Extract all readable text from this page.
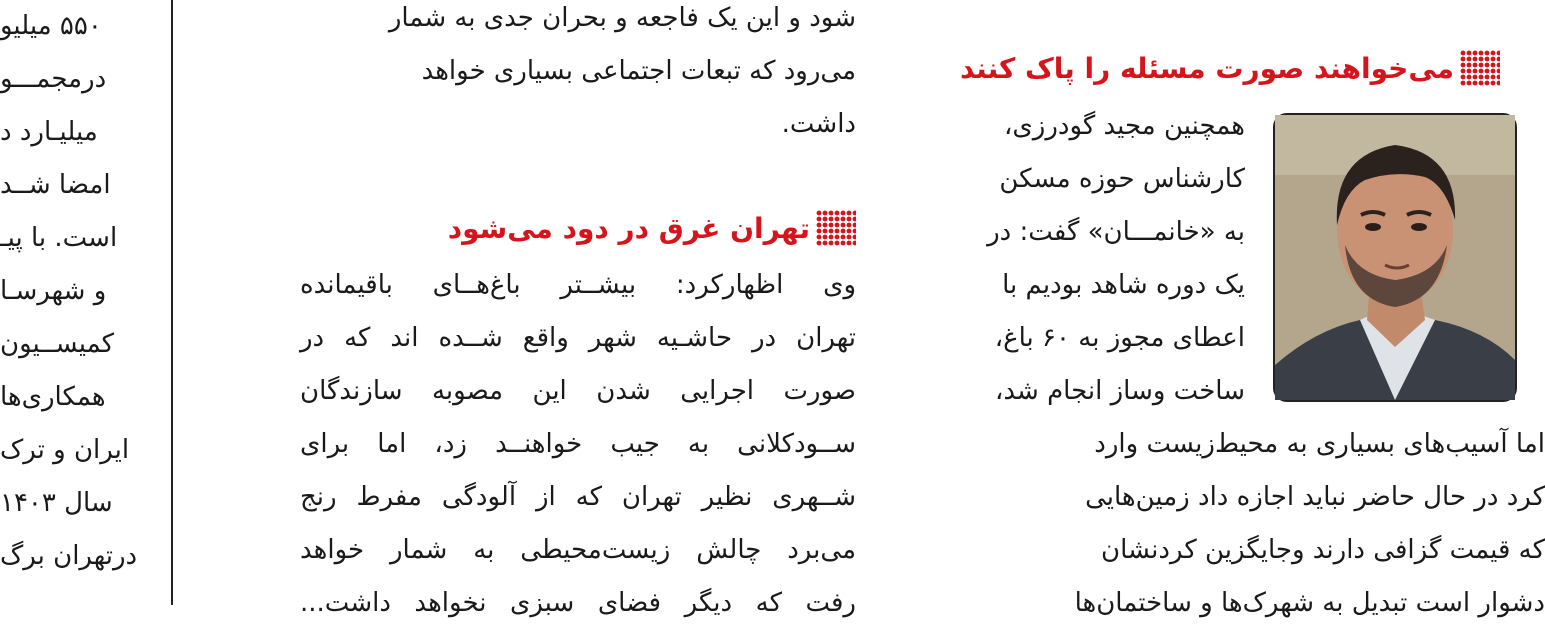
۵۵۰ میلیو
درمجمـــو
میلیـارد د
امضا شــد
است. با پیـ
و شهرسـا
کمیســیون
همکاری‌ها
ایران و ترک
سال ۱۴۰۳
درتهران برگ
شود و این یک فاجعه و بحران جدی به شمار
می‌رود که تبعات اجتماعی بسیاری خواهد
داشت.
تهران غرق در دود می‌شود
وی اظهارکرد: بیشــتر باغ‌هــای باقیمانده
تهران در حاشـیه شهر واقع شــده اند که در
صورت اجرایی شدن این مصوبه سازندگان
ســودکلانی به جیب خواهنــد زد، اما برای
شــهری نظیر تهران که از آلودگی مفرط رنج
می‌برد چالش زیست‌محیطی به شمار خواهد
رفت که دیگر فضای سبزی نخواهد داشت...
می‌خواهند صورت مسئله را پاک کنند
همچنین مجید گودرزی،
کارشناس حوزه مسکن
به «خانمـــان» گفت: در
یک دوره شاهد بودیم با
اعطای مجوز به ۶۰ باغ،
ساخت وساز انجام شد،
اما آسیب‌های بسیاری به محیط‌زیست وارد
کرد در حال حاضر نباید اجازه داد زمین‌هایی
که قیمت گزافی دارند وجایگزین کردنشان
دشوار است تبدیل به شهرک‌ها و ساختمان‌ها
